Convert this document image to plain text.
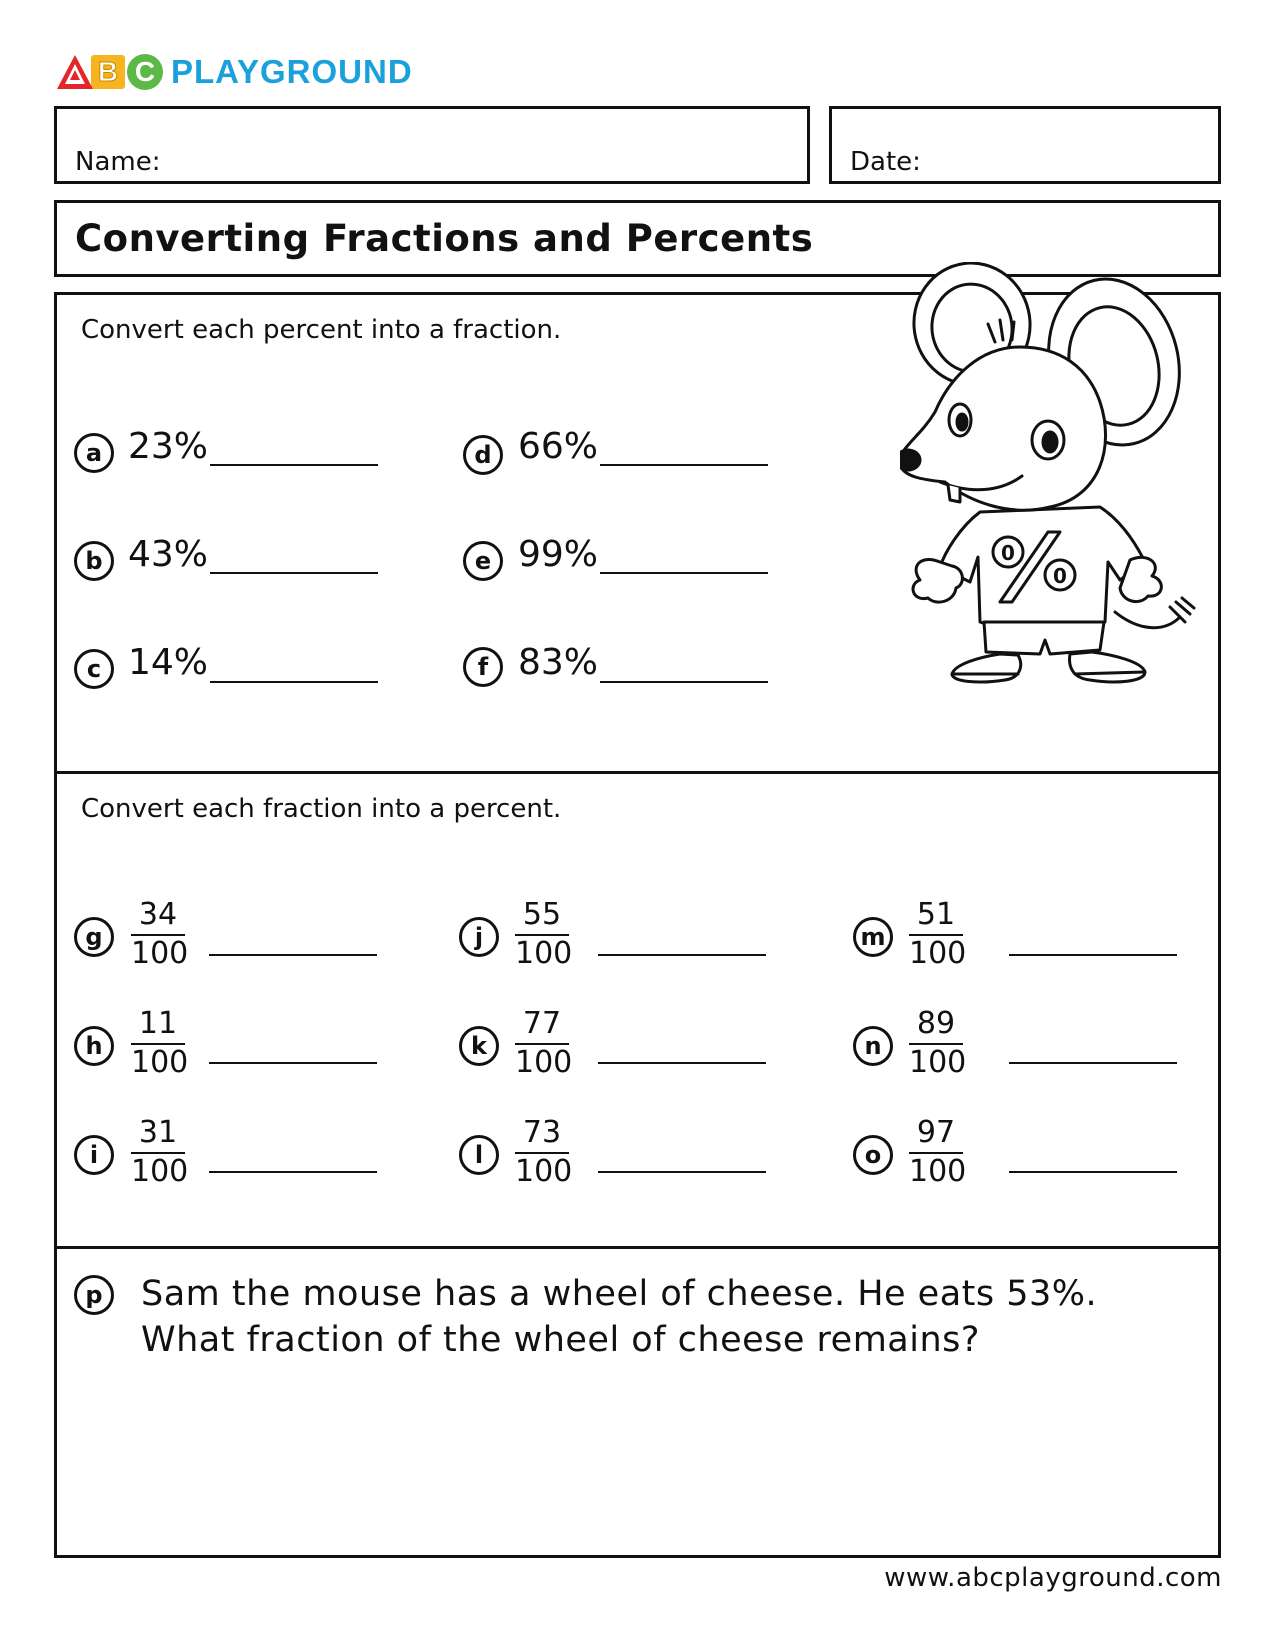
B C PLAYGROUND
Name:	Date:
Converting Fractions and Percents
Convert each percent into a fraction.
a 23%
b 43%
c 14%
d 66%
e 99%
f 83%
0
0
Convert each fraction into a percent.
g
34
100
h
11
100
i
31
100
j
55
100
k
77
100
l
73
100
m
51
100
n
89
100
o
97
100
p	Sam the mouse has a wheel of cheese. He eats 53%.
What fraction of the wheel of cheese remains?
www.abcplayground.com
